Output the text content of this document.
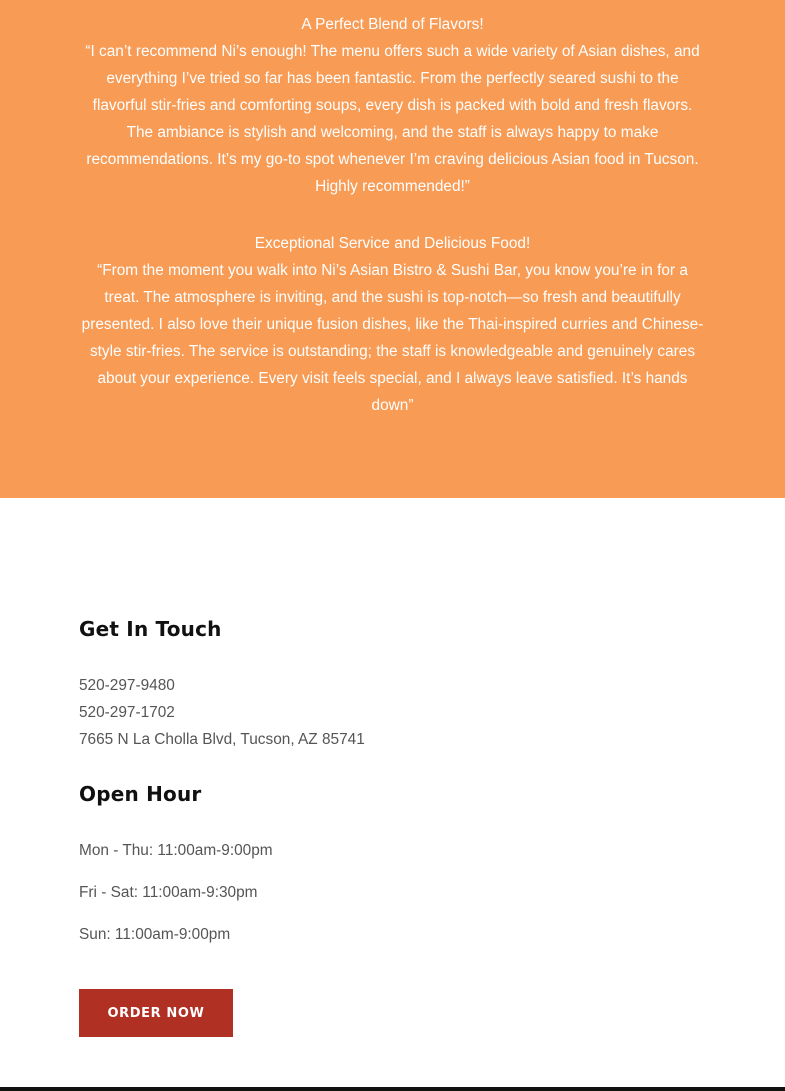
A Perfect Blend of Flavors!
“I can’t recommend Ni’s enough! The menu offers such a wide variety of Asian dishes, and everything I’ve tried so far has been fantastic. From the perfectly seared sushi to the flavorful stir-fries and comforting soups, every dish is packed with bold and fresh flavors. The ambiance is stylish and welcoming, and the staff is always happy to make recommendations. It’s my go-to spot whenever I’m craving delicious Asian food in Tucson. Highly recommended!”
Exceptional Service and Delicious Food!
“From the moment you walk into Ni’s Asian Bistro & Sushi Bar, you know you’re in for a treat. The atmosphere is inviting, and the sushi is top-notch—so fresh and beautifully presented. I also love their unique fusion dishes, like the Thai-inspired curries and Chinese-style stir-fries. The service is outstanding; the staff is knowledgeable and genuinely cares about your experience. Every visit feels special, and I always leave satisfied. It’s hands down”
Get In Touch
520-297-9480
520-297-1702
7665 N La Cholla Blvd, Tucson, AZ 85741
Open Hour
Mon - Thu: 11:00am-9:00pm
Fri - Sat: 11:00am-9:30pm
Sun: 11:00am-9:00pm
ORDER NOW
